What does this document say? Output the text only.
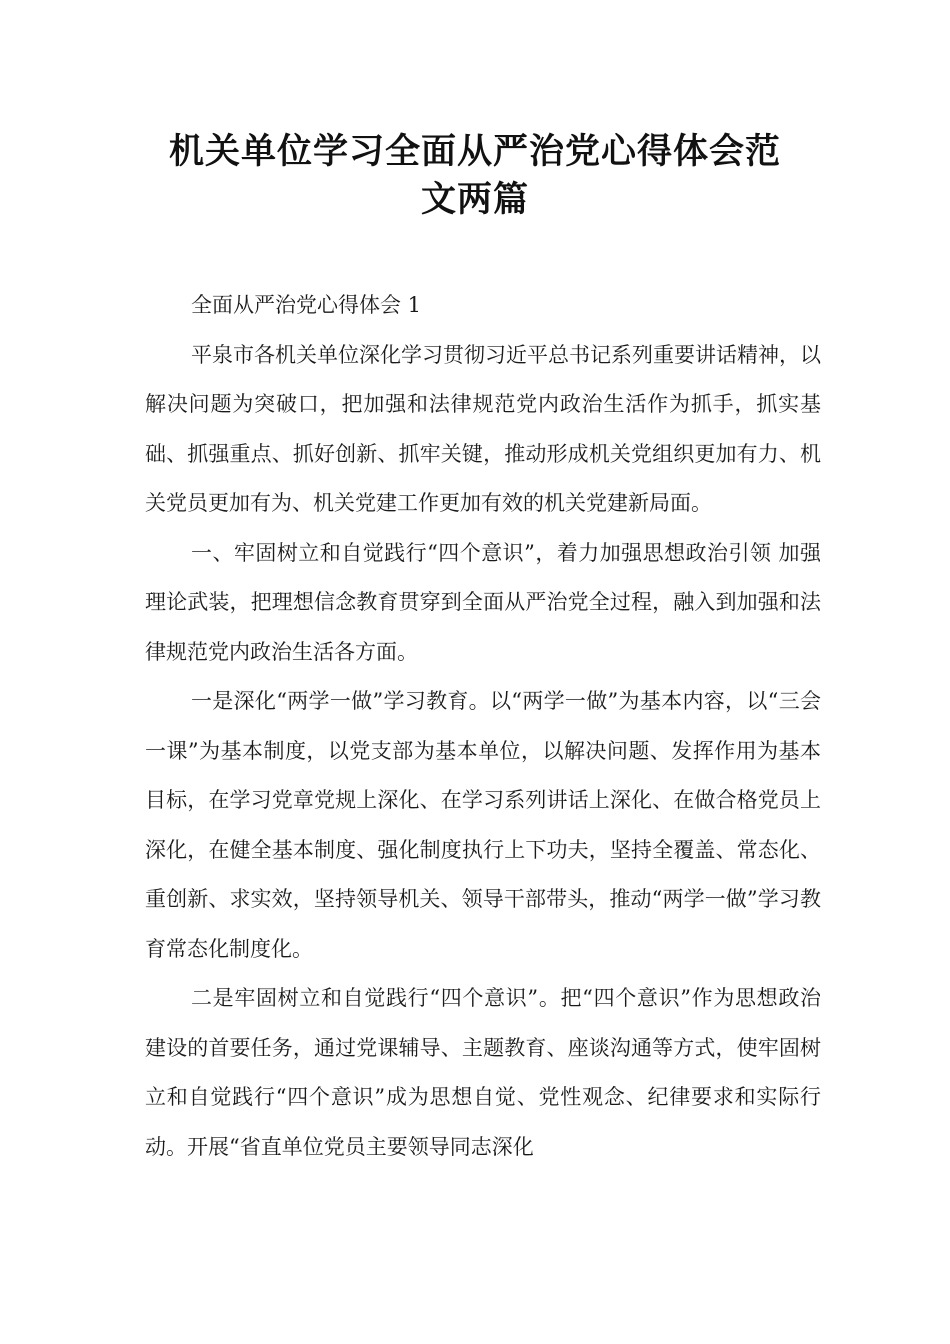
机关单位学习全面从严治党心得体会范
文两篇

全面从严治党心得体会 1

平泉市各机关单位深化学习贯彻习近平总书记系列重要讲话精神，以解决问题为突破口，把加强和法律规范党内政治生活作为抓手，抓实基础、抓强重点、抓好创新、抓牢关键，推动形成机关党组织更加有力、机关党员更加有为、机关党建工作更加有效的机关党建新局面。

一、牢固树立和自觉践行“四个意识”，着力加强思想政治引领 加强理论武装，把理想信念教育贯穿到全面从严治党全过程，融入到加强和法律规范党内政治生活各方面。

一是深化“两学一做”学习教育。以“两学一做”为基本内容，以“三会一课”为基本制度，以党支部为基本单位，以解决问题、发挥作用为基本目标，在学习党章党规上深化、在学习系列讲话上深化、在做合格党员上深化，在健全基本制度、强化制度执行上下功夫，坚持全覆盖、常态化、重创新、求实效，坚持领导机关、领导干部带头，推动“两学一做”学习教育常态化制度化。

二是牢固树立和自觉践行“四个意识”。把“四个意识”作为思想政治建设的首要任务，通过党课辅导、主题教育、座谈沟通等方式，使牢固树立和自觉践行“四个意识”成为思想自觉、党性观念、纪律要求和实际行动。开展“省直单位党员主要领导同志深化
